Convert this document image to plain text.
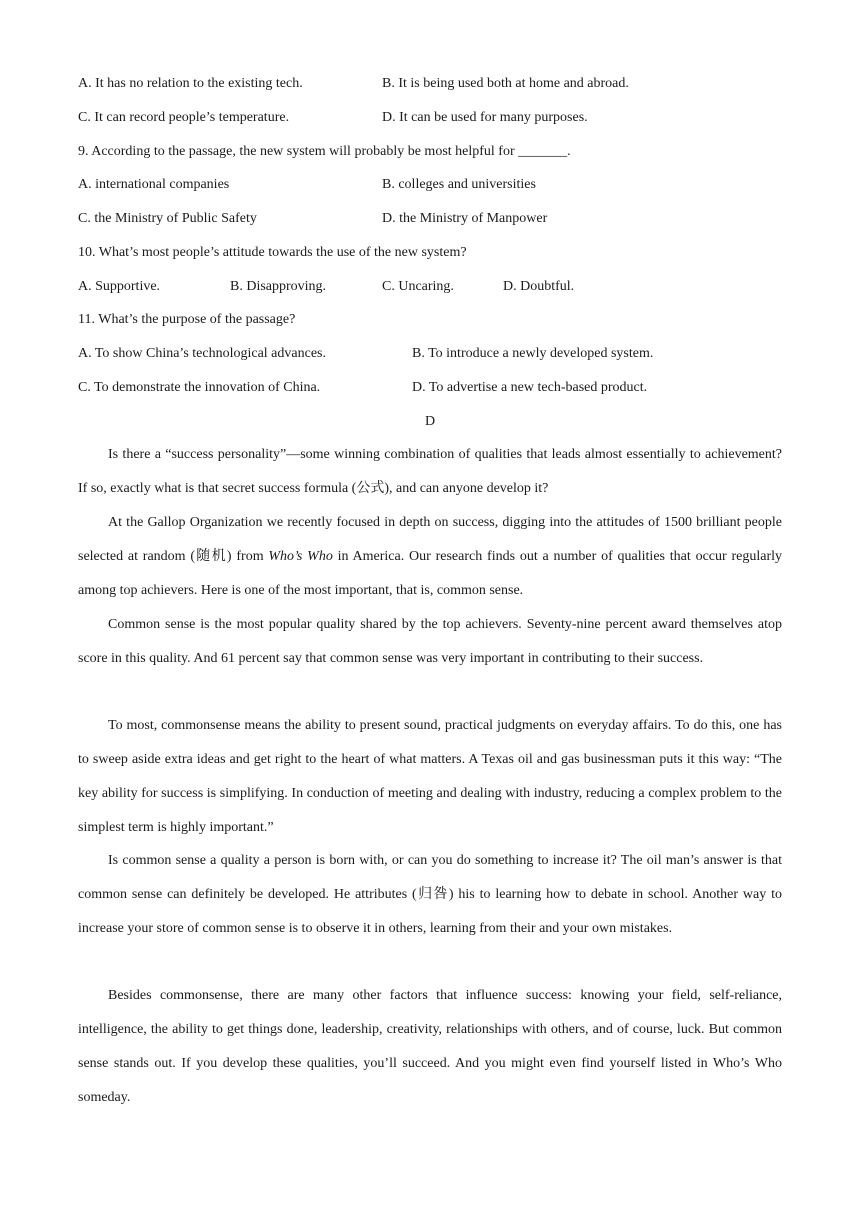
A. It has no relation to the existing tech.	B. It is being used both at home and abroad.
C. It can record people’s temperature.	D. It can be used for many purposes.
9. According to the passage, the new system will probably be most helpful for _______.
A. international companies	B. colleges and universities
C. the Ministry of Public Safety	D. the Ministry of Manpower
10. What’s most people’s attitude towards the use of the new system?
A. Supportive.	B. Disapproving.	C. Uncaring.	D. Doubtful.
11. What’s the purpose of the passage?
A. To show China’s technological advances.	B. To introduce a newly developed system.
C. To demonstrate the innovation of China.	D. To advertise a new tech-based product.
D
Is there a “success personality”—some winning combination of qualities that leads almost essentially to achievement? If so, exactly what is that secret success formula (公式), and can anyone develop it?
At the Gallop Organization we recently focused in depth on success, digging into the attitudes of 1500 brilliant people selected at random (随机) from Who’s Who in America. Our research finds out a number of qualities that occur regularly among top achievers. Here is one of the most important, that is, common sense.
Common sense is the most popular quality shared by the top achievers. Seventy-nine percent award themselves atop score in this quality. And 61 percent say that common sense was very important in contributing to their success.
To most, commonsense means the ability to present sound, practical judgments on everyday affairs. To do this, one has to sweep aside extra ideas and get right to the heart of what matters. A Texas oil and gas businessman puts it this way: “The key ability for success is simplifying. In conduction of meeting and dealing with industry, reducing a complex problem to the simplest term is highly important.”
Is common sense a quality a person is born with, or can you do something to increase it? The oil man’s answer is that common sense can definitely be developed. He attributes (归咎) his to learning how to debate in school. Another way to increase your store of common sense is to observe it in others, learning from their and your own mistakes.
Besides commonsense, there are many other factors that influence success: knowing your field, self-reliance, intelligence, the ability to get things done, leadership, creativity, relationships with others, and of course, luck. But common sense stands out. If you develop these qualities, you’ll succeed. And you might even find yourself listed in Who’s Who someday.
